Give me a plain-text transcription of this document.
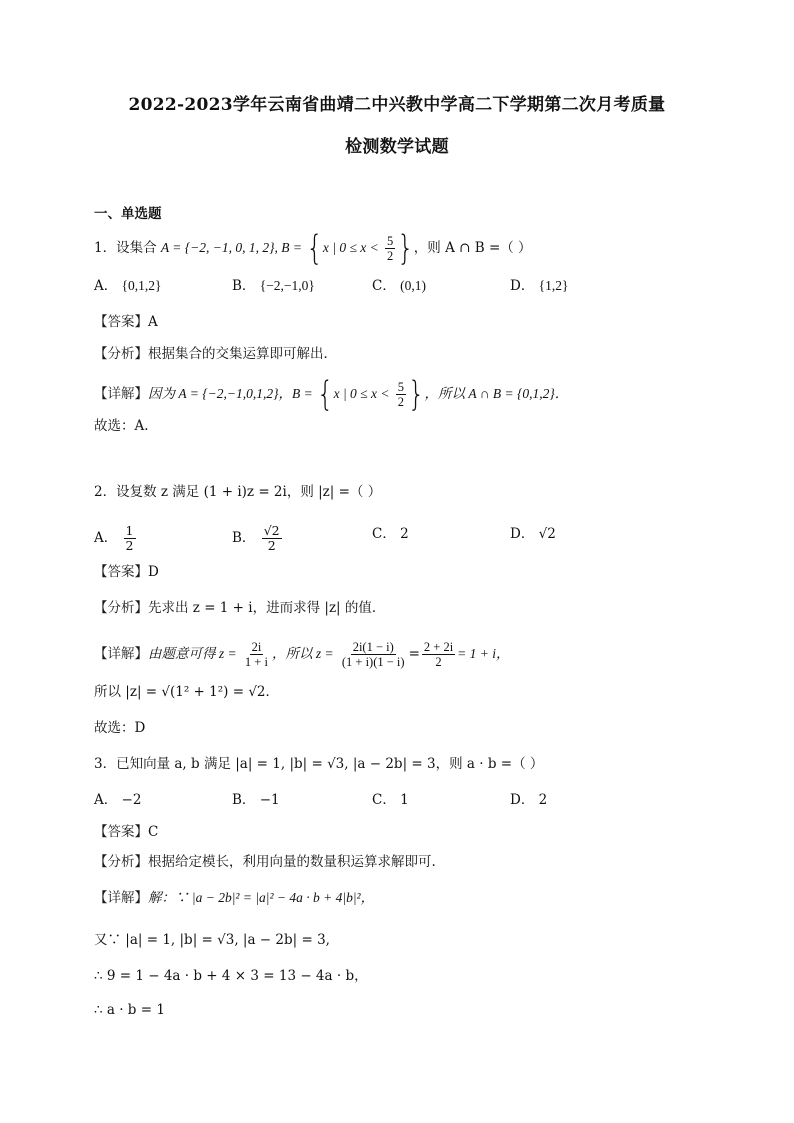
2022-2023学年云南省曲靖二中兴教中学高二下学期第二次月考质量
检测数学试题
一、单选题
1．设集合 A = {−2, −1, 0, 1, 2}, B = {x | $0 \le x < \frac{5}{2}$ }，则 A ∩ B =（ ）
A． {0,1,2}	B． {−2,−1,0}	C． (0,1)	D． {1,2}
【答案】A
【分析】根据集合的交集运算即可解出．
【详解】因为 A = {−2,−1,0,1,2}，B = {x | $0 \le x < \frac{5}{2}$ }，所以 A ∩ B = {0,1,2}．
故选：A.
2．设复数 z 满足 (1 + i)z = 2i，则 |z| =（ ）
A． $\frac{1}{2}$	B． $\frac{√2}{2}$	C． 2	D． √2
【答案】D
【分析】先求出 z = 1 + i，进而求得 |z| 的值．
【详解】由题意可得 $z = \frac{2i}{1 + i}$ ，所以 $z = \frac{2i(1 - i)}{(1 + i)(1 - i)} = \frac{2 + 2i}{2} = 1 + i$，
所以 |z| = √(1² + 1²) = √2．
故选：D
3．已知向量 a, b 满足 |a| = 1, |b| = √3, |a − 2b| = 3，则 a · b =（ ）
A． −2	B． −1	C． 1	D． 2
【答案】C
【分析】根据给定模长，利用向量的数量积运算求解即可.
【详解】解：∵ |a − 2b|² = |a|² − 4a · b + 4|b|²，
又∵ |a| = 1, |b| = √3, |a − 2b| = 3,
∴ 9 = 1 − 4a · b + 4 × 3 = 13 − 4a · b，
∴ a · b = 1
